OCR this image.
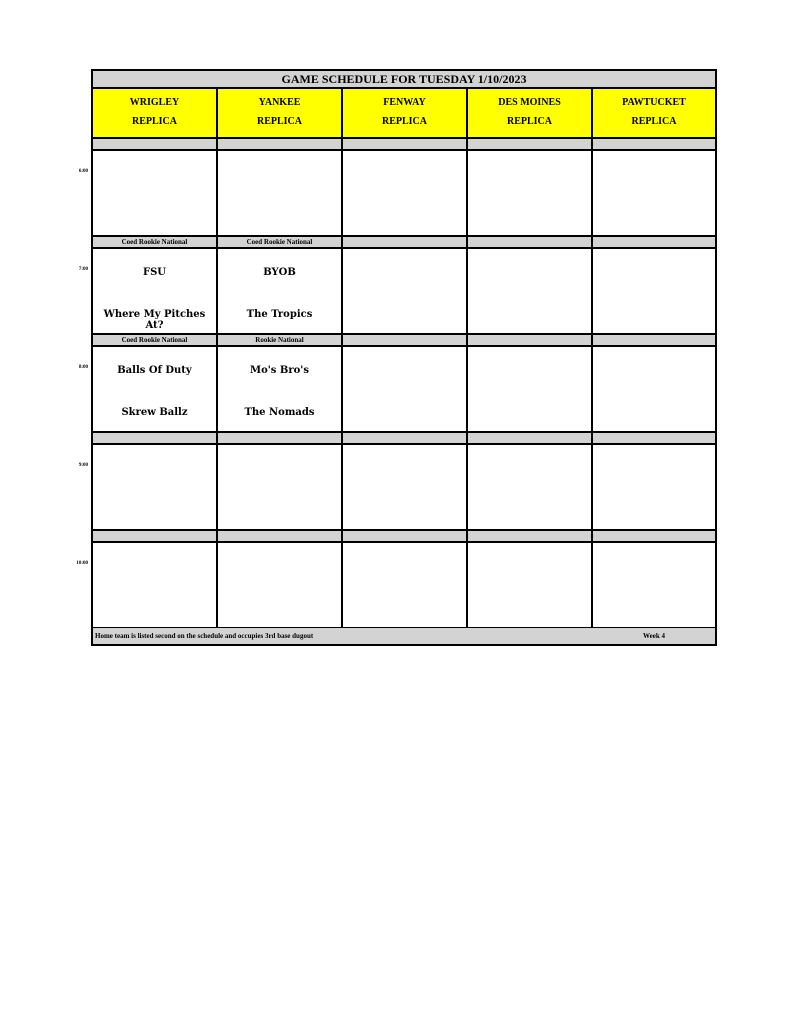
GAME SCHEDULE FOR TUESDAY 1/10/2023
WRIGLEY
REPLICA
YANKEE
REPLICA
FENWAY
REPLICA
DES MOINES
REPLICA
PAWTUCKET
REPLICA
Coed Rookie National
FSU
Where My Pitches At?
Coed Rookie National
BYOB
The Tropics
Coed Rookie National
Balls Of Duty
Skrew Ballz
Rookie National
Mo's Bro's
The Nomads
Home team is listed second on the schedule and occupies 3rd base dugout	Week 4
6:00
7:00
8:00
9:00
10:00
